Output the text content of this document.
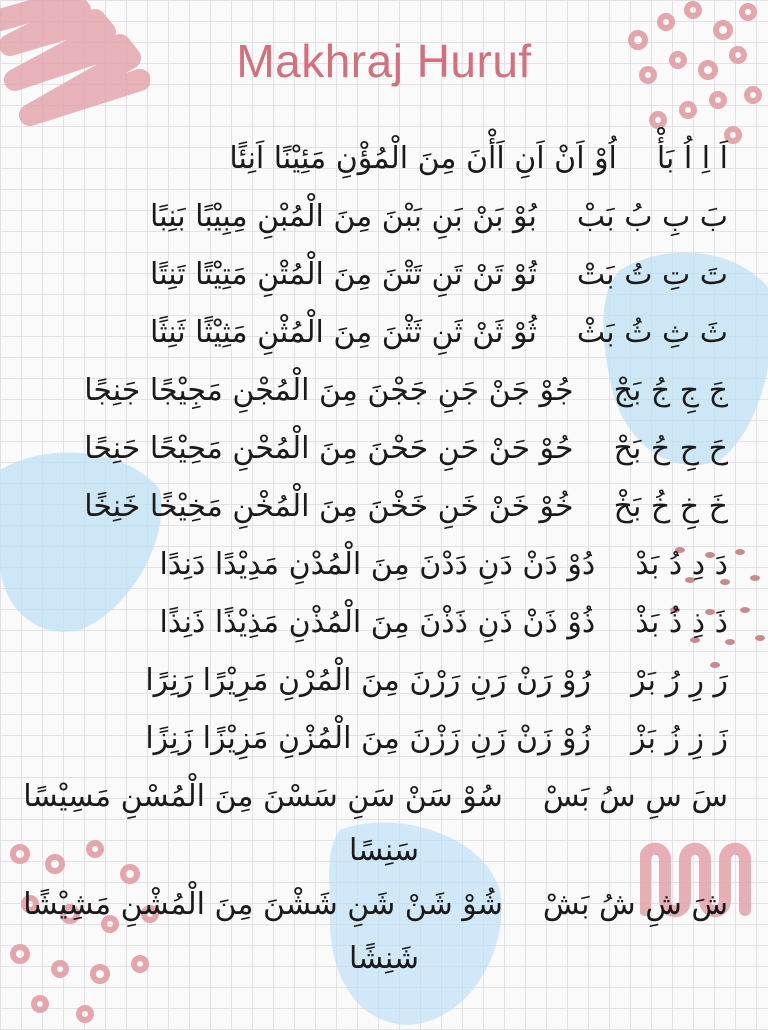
Makhraj Huruf
اَ اِ اُ بَأْ
اُوْ اَنْ اَنِ اَأْنَ مِنَ الْمُؤْنِ مَئِيْنًا اَنِئًا
بَ بِ بُ بَبْ
بُوْ بَنْ بَنِ بَبْنَ مِنَ الْمُبْنِ مِبِيْبًا بَنِبًا
تَ تِ تُ بَتْ
تُوْ تَنْ تَنِ تَتْنَ مِنَ الْمُتْنِ مَتِيْتًا تَنِتًا
ثَ ثِ ثُ بَثْ
ثُوْ ثَنْ ثَنِ ثَثْنَ مِنَ الْمُثْنِ مَثِيْثًا ثَنِثًا
جَ جِ جُ بَجْ
جُوْ جَنْ جَنِ جَجْنَ مِنَ الْمُجْنِ مَجِيْجًا جَنِجًا
حَ حِ حُ بَحْ
حُوْ حَنْ حَنِ حَحْنَ مِنَ الْمُحْنِ مَحِيْحًا حَنِحًا
خَ خِ خُ بَخْ
خُوْ خَنْ خَنِ خَخْنَ مِنَ الْمُخْنِ مَخِيْخًا خَنِخًا
دَ دِ دُ بَدْ
دُوْ دَنْ دَنِ دَدْنَ مِنَ الْمُدْنِ مَدِيْدًا دَنِدًا
ذَ ذِ ذُ بَذْ
ذُوْ ذَنْ ذَنِ ذَذْنَ مِنَ الْمُذْنِ مَذِيْذًا ذَنِذًا
رَ رِ رُ بَرْ
رُوْ رَنْ رَنِ رَرْنَ مِنَ الْمُرْنِ مَرِيْرًا رَنِرًا
زَ زِ زُ بَزْ
زُوْ زَنْ زَنِ زَزْنَ مِنَ الْمُزْنِ مَزِيْزًا زَنِزًا
سَ سِ سُ بَسْ
سُوْ سَنْ سَنِ سَسْنَ مِنَ الْمُسْنِ مَسِيْسًا
سَنِسًا
شَ شِ شُ بَشْ
شُوْ شَنْ شَنِ شَشْنَ مِنَ الْمُشْنِ مَشِيْشًا
شَنِشًا
